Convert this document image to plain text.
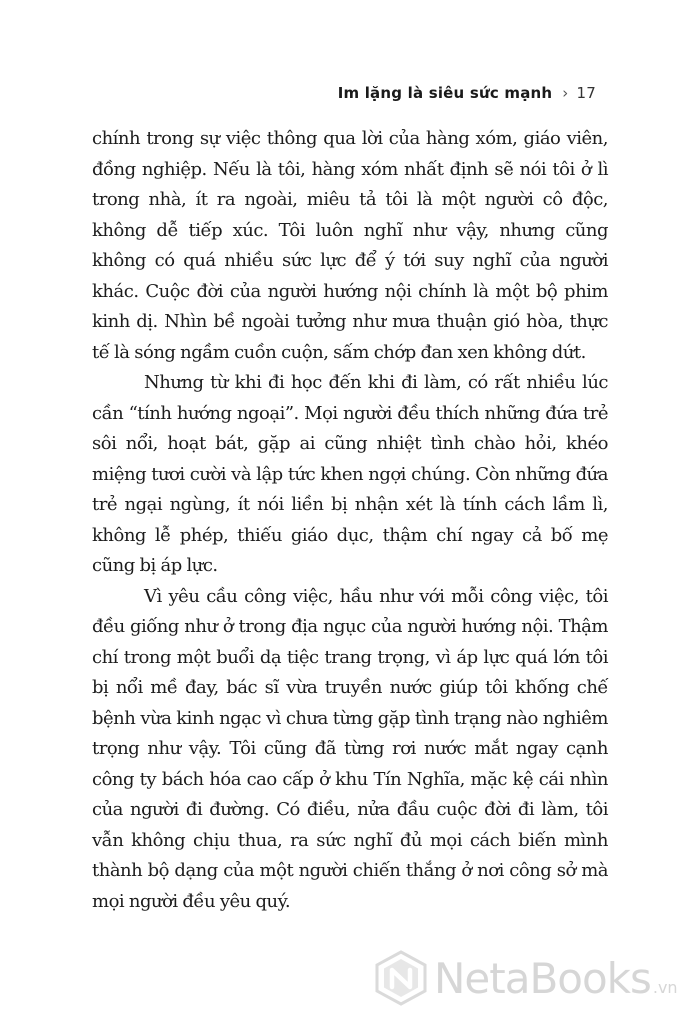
Im lặng là siêu sức mạnh › 17

chính trong sự việc thông qua lời của hàng xóm, giáo viên, đồng nghiệp. Nếu là tôi, hàng xóm nhất định sẽ nói tôi ở lì trong nhà, ít ra ngoài, miêu tả tôi là một người cô độc, không dễ tiếp xúc. Tôi luôn nghĩ như vậy, nhưng cũng không có quá nhiều sức lực để ý tới suy nghĩ của người khác. Cuộc đời của người hướng nội chính là một bộ phim kinh dị. Nhìn bề ngoài tưởng như mưa thuận gió hòa, thực tế là sóng ngầm cuồn cuộn, sấm chớp đan xen không dứt.

Nhưng từ khi đi học đến khi đi làm, có rất nhiều lúc cần “tính hướng ngoại”. Mọi người đều thích những đứa trẻ sôi nổi, hoạt bát, gặp ai cũng nhiệt tình chào hỏi, khéo miệng tươi cười và lập tức khen ngợi chúng. Còn những đứa trẻ ngại ngùng, ít nói liền bị nhận xét là tính cách lầm lì, không lễ phép, thiếu giáo dục, thậm chí ngay cả bố mẹ cũng bị áp lực.

Vì yêu cầu công việc, hầu như với mỗi công việc, tôi đều giống như ở trong địa ngục của người hướng nội. Thậm chí trong một buổi dạ tiệc trang trọng, vì áp lực quá lớn tôi bị nổi mề đay, bác sĩ vừa truyền nước giúp tôi khống chế bệnh vừa kinh ngạc vì chưa từng gặp tình trạng nào nghiêm trọng như vậy. Tôi cũng đã từng rơi nước mắt ngay cạnh công ty bách hóa cao cấp ở khu Tín Nghĩa, mặc kệ cái nhìn của người đi đường. Có điều, nửa đầu cuộc đời đi làm, tôi vẫn không chịu thua, ra sức nghĩ đủ mọi cách biến mình thành bộ dạng của một người chiến thắng ở nơi công sở mà mọi người đều yêu quý.

NetaBooks .vn
